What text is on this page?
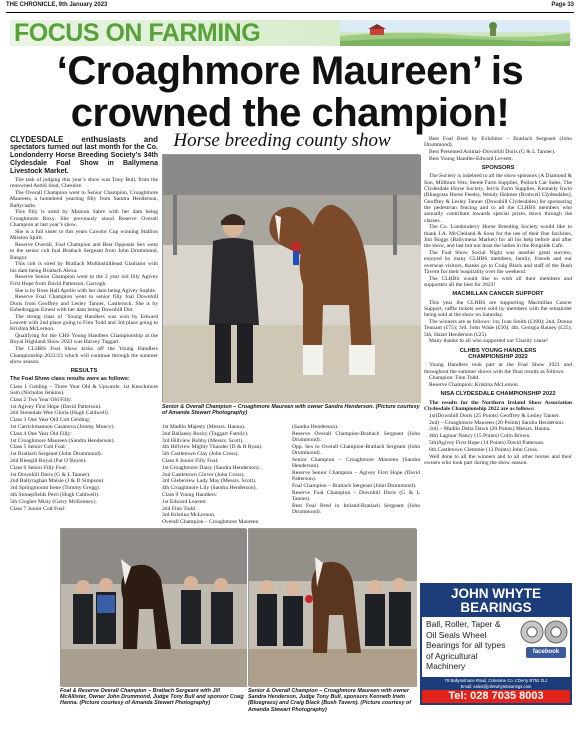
THE CHRONICLE, 9th January 2023	Page 33
FOCUS ON FARMING
‘Croaghmore Maureen’ is
crowned the champion!
CLYDESDALE enthusiasts and spectators turned out last month for the Co. Londonderry Horse Breeding Society’s 34th Clydesdale Foal Show in Ballymena Livestock Market.

The task of judging this year’s show was Tony Bull, from the renowned Astbil Stud, Cheshire.

The Overall Champion went to Senior Champion, Croaghmore Maureen, a homebred yearling filly from Sandra Henderson, Ballycastle.

This filly is sired by Mission Sabre with her dam being Croaghmore Roxy. She previously stood Reserve Overall Champion at last year’s show.

She is a full sister to this years Cawdor Cup winning Stallion Mission Spirit.

Reserve Overall, Foal Champion and Best Opposite Sex went to the senior colt foal Bratlach Sergeant from John Drummond, Bangor.

This colt is sired by Bratlach Mollinshillhead Gladiator with his dam being Bratlach Alexa.

Reserve Senior Champion went to the 2 year old filly Agivey First Hope from David Patterson, Garvagh.

She is by Roes Hall Apollo with her dam being Agivey Sophie.

Reserve Foal Champion went to senior filly foal Downhill Doris from Geoffrey and Lesley Tanner, Castlerock. She is by Enhedraggan Ernest with her dam being Downhill Dot.

The strong class of ‘Young Handlers was won by Edward Leavett with 2nd place going to Finn Todd and 3rd place going to Kristina McLernon.

Qualifying for the CHS Young Handlers Championship at the Royal Highland Show 2023 was Harvey Taggart.

The CLHBS Foal Show kicks off the Young Handlers Championship 2022/23 which will continue through the summer show season.

RESULTS
The Foal Show class results were as follows:

Class 1 Gelding – Three Year Old & Upwards: 1st Knockmore Sam (Nicholas Jenkins).

Class 2 Two Year Old Filly:

1st Agivey First Hope (David Patterson).

2nd Stonedale Wee Gloria (Hugh Caldwell).

Class 3 One Year Old Colt Gelding:

1st Carrickmannon Casanova (Jimmy Muncy).

Class 4 One Year Old Filly:

1st Croaghmore Maureen (Sandra Henderson).

Class 5 Senior Colt Foal:

1st Bratlach Sergeant (John Drummond).

2nd Bleegill Royal (Pat O’Boyle).

Class 6 Senior Filly Foal:

1st Downhill Doris (G & L Tanner).

2nd Ballyraghan Maisie (J & D Simpson).

3rd Springmount Irene (Tommy Gregg).

4th Stonepfields Perri (Hugh Caldwell).

5th Clogher Misty (Gerry McKenney).

Class 7 Junior Colt Foal:

Horse breeding county show
Senior & Overall Champion – Croaghmore Maureen with owner Sandra Henderson. (Picture courtesy of Amanda Stewart Photography)

1st Madlin Majesty (Messrs. Hanna).

2nd Ballaney Rocky (Taggart Family).

3rd Hillview Bobby (Messrs. Scott).

4th Hillview Mighty Thunder (D & R Ryan).

5th Castletown Clay (John Cross).

Class 8 Junior Filly Foal:

1st Croaghmore Daisy (Sandra Henderson).

2nd Castletown Clover (John Cross).

3rd Glebeview Lady May (Messrs. Scott).

4th Croaghmore Lily (Sandra Henderson).

Class 9 Young Handlers:

1st Edward Leavett.

2nd Finn Todd.

3rd Kristina McLernon.

Overall Champion – Croaghmore Maureen

(Sandra Henderson).

Reserve Overall Champion-Bratlach Sergeant (John Drummond).

Opp. Sex to Overall Champion-Bratlach Sergeant (John Drummond).

Senior Champion – Croaghmore Maureen (Sandra Henderson).

Reserve Senior Champion – Agivey First Hope (David Patterson).

Foal Champion – Bratlach Sergeant (John Drummond).

Reserve Foal Champion - Downhill Doris (G & L Tanner).

Best Foal Bred in Ireland-Bratlach Sergeant (John Drummond).

Foal & Reserve Overall Champion – Bratlach Sergeant with Jill McAllister, Owner John Drummond, Judge Tony Bull and sponsor Craig Hanna. (Picture courtesy of Amanda Stewart Photography)
Senior & Overall Champion – Croaghmore Maureen with owner Sandra Henderson, Judge Tony Bull, sponsors Kenneth Irwin (Bluegrass) and Craig Black (Bush Tavern). (Picture courtesy of Amanda Stewart Photography)

Best Foal Bred by Exhibitor – Bratlach Sergeant (John Drummond).

Best Presented Animal–Downhill Doris (G & L Tanner).

Best Young Handler-Edward Leveett.

SPONSORS

The Society is indebted to all the show sponsors (A Diamond & Son, Millburn Vets, Steele Farm Supplies, Pollock Car Sales, The Clydesdale Horse Society, Jervis Farm Supplies, Kennedy Irwin (Bluegrass Horse Feeds), Wendy Holmes (Bratwell Clydesdales), Geoffrey & Lesley Tanner (Downhill Clydesdales) for sponsoring the pedestrian fencing and to all the CLHBS members who annually contribute towards special prizes down through the classes.

The Co. Londonderry Horse Breeding Society would like to thank J.A. McClelland & Sons for the use of their fine facilities, Jim Boggs (Ballymena Market) for all his help before and after the show, and last but not least the ladies in the Ringside Cafe.

The Foal Show Social Night was another great success, enjoyed by many CLHBS members, family, friends and our overseas visitors, thanks go to Craig Black and staff of the Bush Tavern for their hospitality over the weekend.

The CLHBS would like to wish all their members and supporters all the best for 2023!

MACMILLAN CANCER SUPPORT

This year the CLHBS are supporting Macmillan Cancer Support, raffle tickets were sold by members with the remainder being sold at the show on Saturday.

The winners are as follows: 1st, Ivan Smith (£100); 2nd, Donna Tennant (£75); 3rd, John Wade (£50); 4th, Georgia Rainey (£25); 5th, Hazel Henderson (£25).

Many thanks to all who supported our Charity cause!

CLHBS YOUNG HANDLERS
CHAMPIONSHIP 2022

Young Handlers took part at the Foal Show 2021 and throughout the summer shows with the final results as follows:

Champion: Finn Todd.

Reserve Champion: Kristina McLernon.

NISA CLYDESDALE CHAMPIONSHIP 2022

The results for the Northern Ireland Show Association Clydesdale Championship 2022 are as follows:

1st)Downhill Doris (25 Points) Geoffrey & Lesley Tanner.

2nd) – Croaghmore Maureen (20 Points) Sandra Henderson.

3rd) – Madlin Delta Dawn (20 Points) Messrs. Hanna.

4th) Lagmar Nancy (15 Points) Colin Brown.

5th)Agivey First Hope (14 Points) David Patterson.

6th Castletown Clemmie (13 Points) John Cross.

Well done to all the winners and to all other horses and their owners who took part during the show season.

JOHN WHYTE
BEARINGS
Ball, Roller, Taper & Oil Seals Wheel Bearings for all types of Agricultural Machinery
facebook
78 Ballyrashane Road, Coleraine Co. L’Derry BT52 2LJ
Email: sales@johnwhytebearings.com
Tel: 028 7035 8003
